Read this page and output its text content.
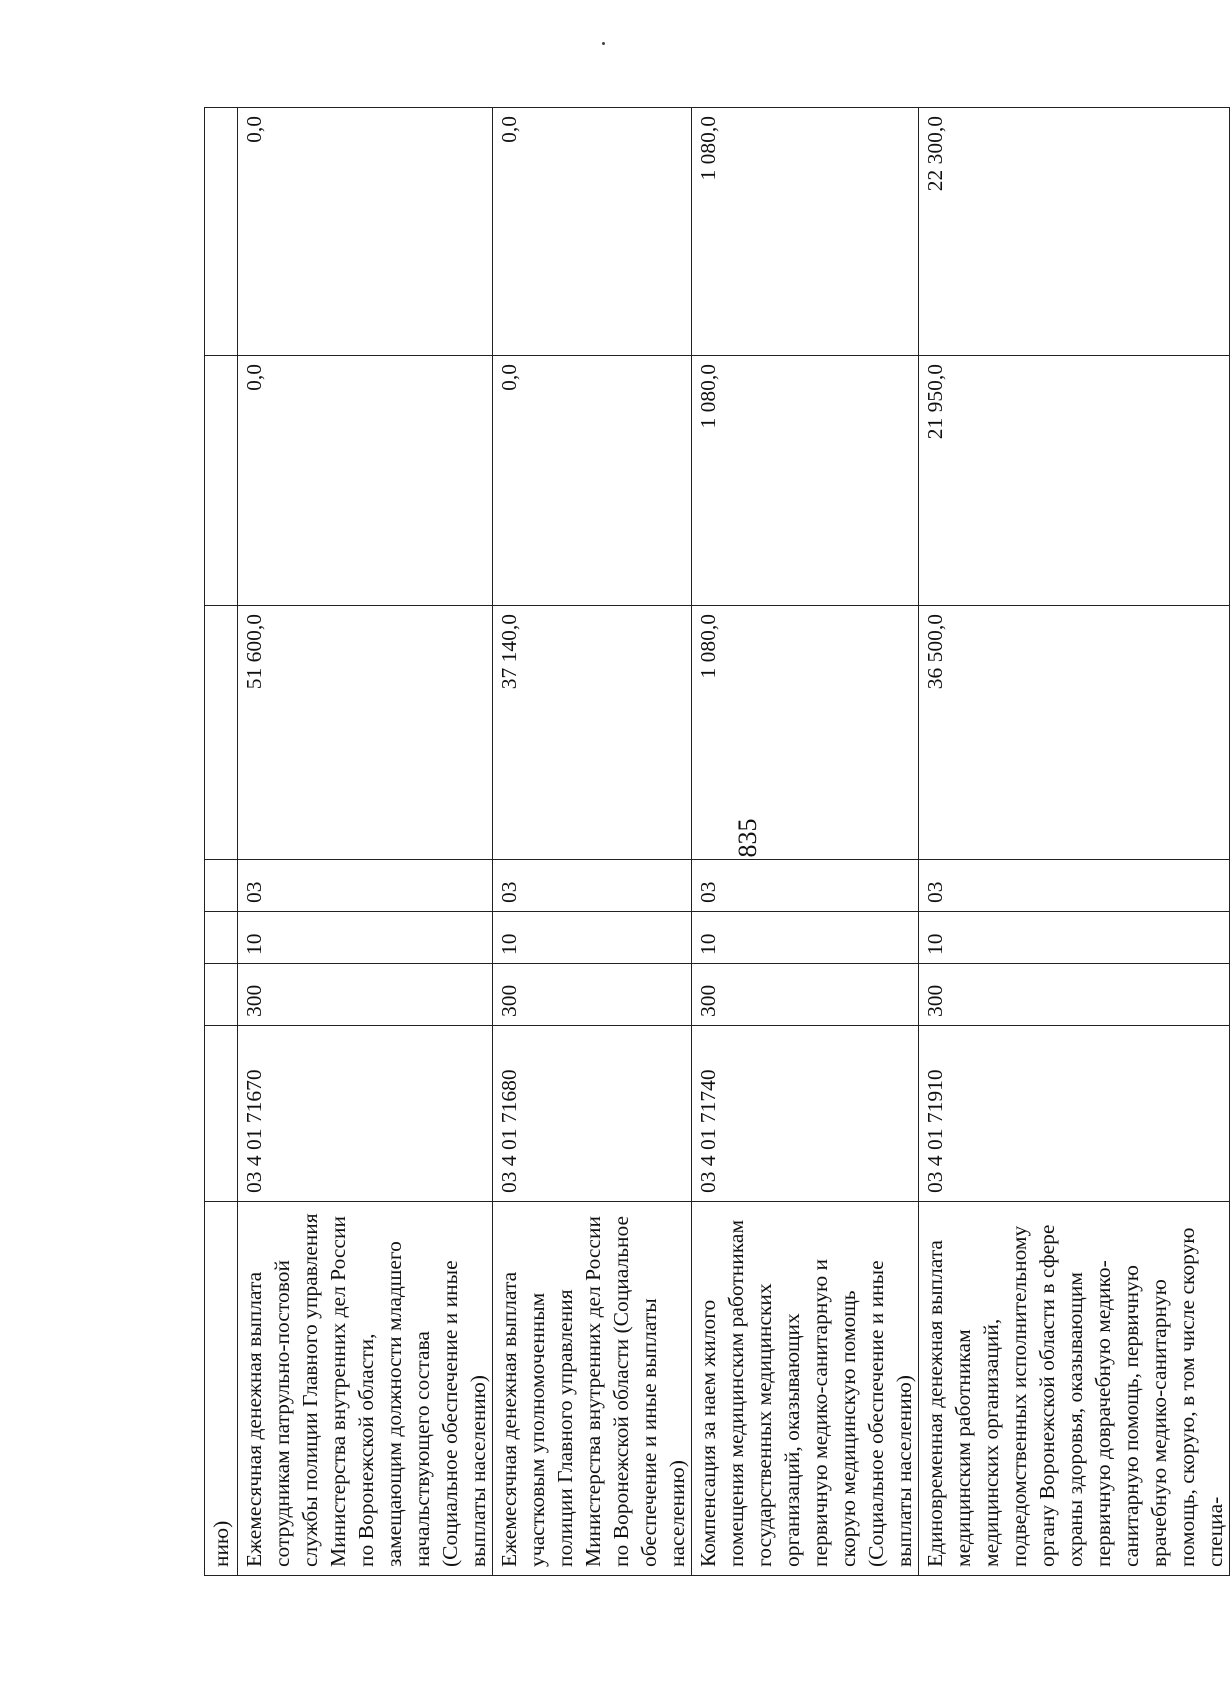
835
нию)							
Ежемесячная денежная выплата сотрудникам патрульно-постовой службы полиции Главного управления Министерства внутренних дел России по Воронежской области, замещающим должности младшего начальствующего состава (Социальное обеспечение и иные выплаты населению)	03 4 01 71670	300	10	03	51 600,0	0,0	0,0
Ежемесячная денежная выплата участковым уполномоченным полиции Главного управления Министерства внутренних дел России по Воронежской области (Социальное обеспечение и иные выплаты населению)	03 4 01 71680	300	10	03	37 140,0	0,0	0,0
Компенсация за наем жилого помещения медицинским работникам государственных медицинских организаций, оказывающих первичную медико-санитарную и скорую медицинскую помощь (Социальное обеспечение и иные выплаты населению)	03 4 01 71740	300	10	03	1 080,0	1 080,0	1 080,0
Единовременная денежная выплата медицинским работникам медицинских организаций, подведомственных исполнительному органу Воронежской области в сфере охраны здоровья, оказывающим первичную доврачебную медико-санитарную помощь, первичную врачебную медико-санитарную помощь, скорую, в том числе скорую специа-	03 4 01 71910	300	10	03	36 500,0	21 950,0	22 300,0
